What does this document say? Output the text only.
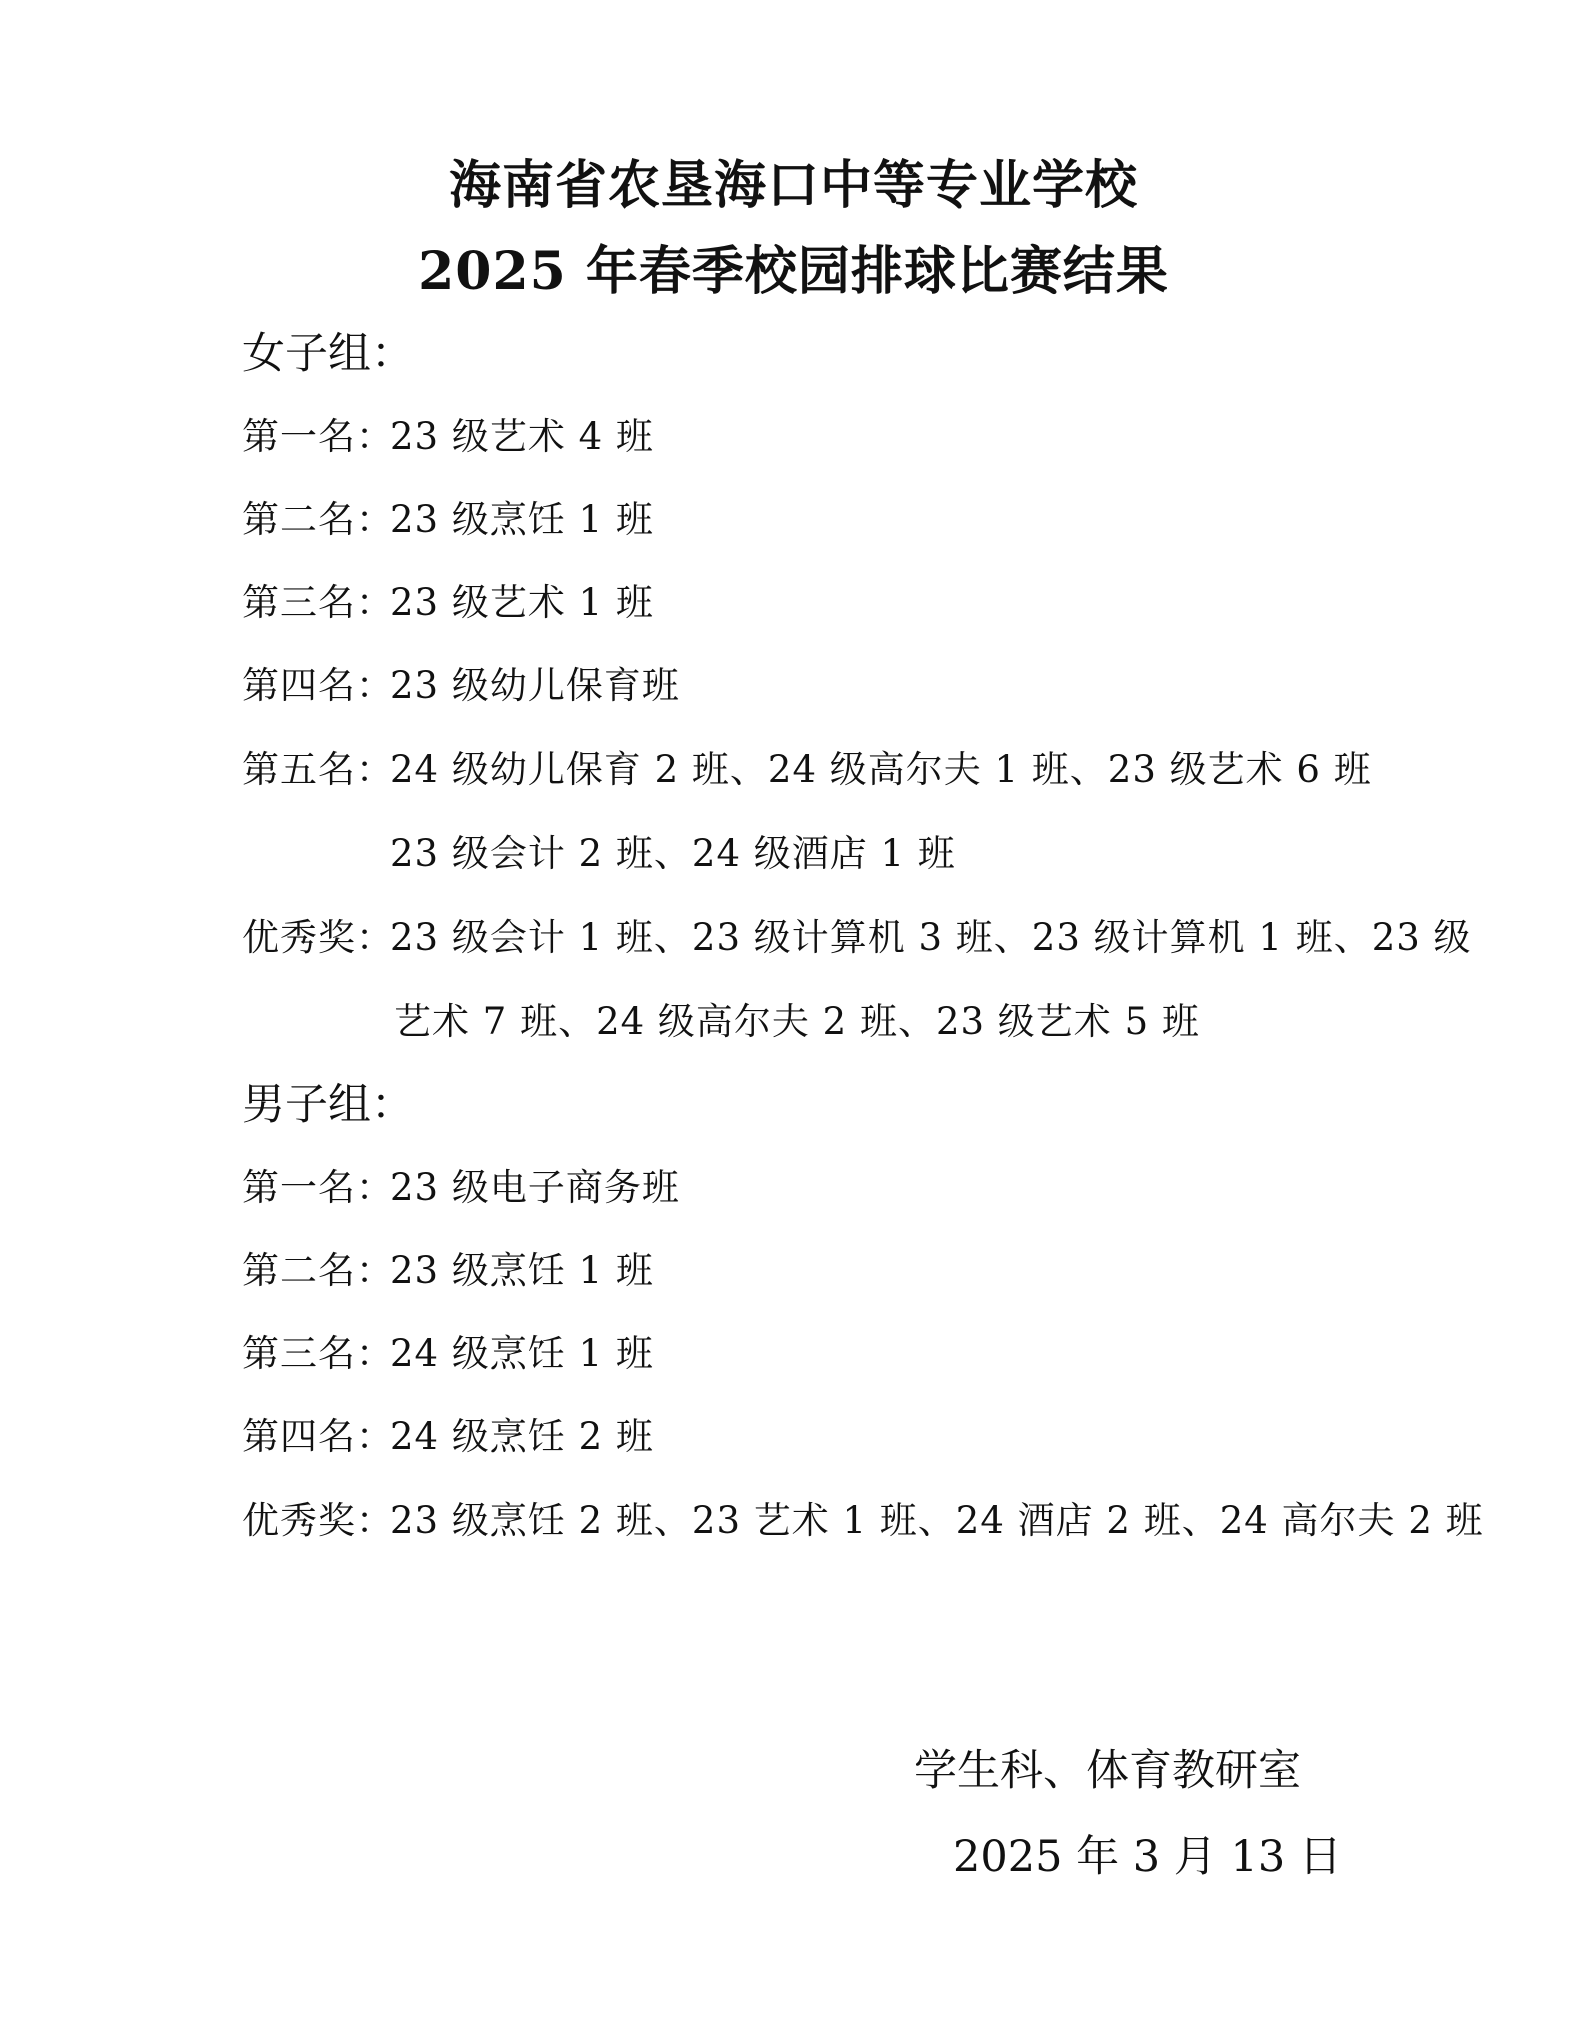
海南省农垦海口中等专业学校
2025 年春季校园排球比赛结果
女子组：
第一名：
23 级艺术 4 班
第二名：
23 级烹饪 1 班
第三名：
23 级艺术 1 班
第四名：
23 级幼儿保育班
第五名：
24 级幼儿保育 2 班、24 级高尔夫 1 班、23 级艺术 6 班
23 级会计 2 班、24 级酒店 1 班
优秀奖：
23 级会计 1 班、23 级计算机 3 班、23 级计算机 1 班、23 级
艺术 7 班、24 级高尔夫 2 班、23 级艺术 5 班
男子组：
第一名：
23 级电子商务班
第二名：
23 级烹饪 1 班
第三名：
24 级烹饪 1 班
第四名：
24 级烹饪 2 班
优秀奖：
23 级烹饪 2 班、23 艺术 1 班、24 酒店 2 班、24 高尔夫 2 班
学生科、体育教研室
2025 年 3 月 13 日
